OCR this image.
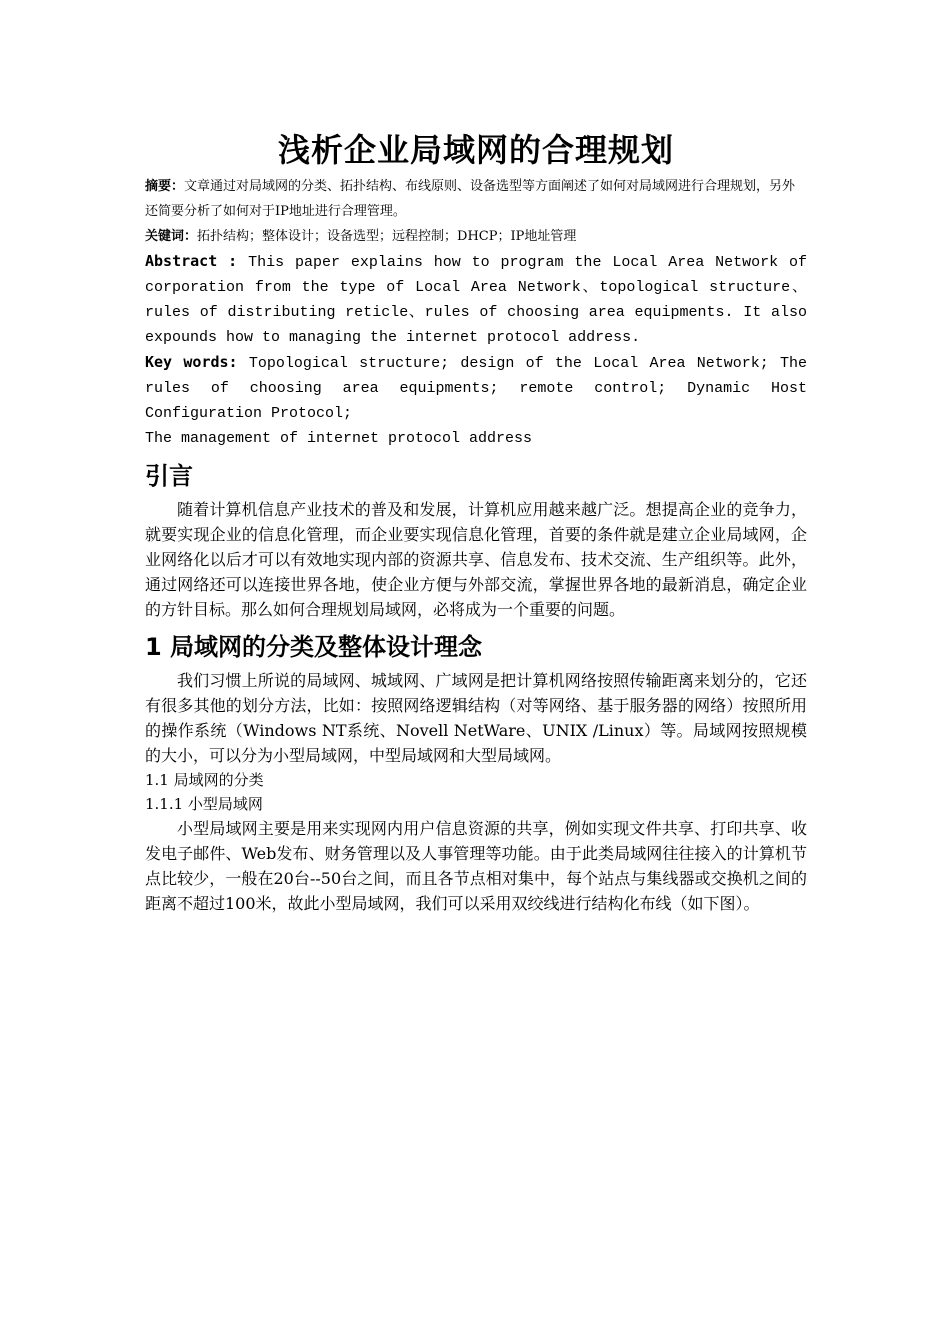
浅析企业局域网的合理规划

摘要：文章通过对局域网的分类、拓扑结构、布线原则、设备选型等方面阐述了如何对局域网进行合理规划，另外还简要分析了如何对于IP地址进行合理管理。

关键词：拓扑结构；整体设计；设备选型；远程控制；DHCP；IP地址管理

Abstract : This paper explains how to program the Local Area Network of corporation from the type of Local Area Network、topological structure、rules of distributing reticle、rules of choosing area equipments. It also expounds how to managing the internet protocol address.

Key words: Topological structure; design of the Local Area Network; The rules of choosing area equipments; remote control; Dynamic Host Configuration Protocol;

The management of internet protocol address

引言

随着计算机信息产业技术的普及和发展，计算机应用越来越广泛。想提高企业的竞争力，就要实现企业的信息化管理，而企业要实现信息化管理，首要的条件就是建立企业局域网，企业网络化以后才可以有效地实现内部的资源共享、信息发布、技术交流、生产组织等。此外，通过网络还可以连接世界各地，使企业方便与外部交流，掌握世界各地的最新消息，确定企业的方针目标。那么如何合理规划局域网，必将成为一个重要的问题。

1 局域网的分类及整体设计理念

我们习惯上所说的局域网、城域网、广域网是把计算机网络按照传输距离来划分的，它还有很多其他的划分方法，比如：按照网络逻辑结构（对等网络、基于服务器的网络）按照所用的操作系统（Windows NT系统、Novell NetWare、UNIX /Linux）等。局域网按照规模的大小，可以分为小型局域网，中型局域网和大型局域网。

1.1 局域网的分类

1.1.1 小型局域网

小型局域网主要是用来实现网内用户信息资源的共享，例如实现文件共享、打印共享、收发电子邮件、Web发布、财务管理以及人事管理等功能。由于此类局域网往往接入的计算机节点比较少，一般在20台--50台之间，而且各节点相对集中，每个站点与集线器或交换机之间的距离不超过100米，故此小型局域网，我们可以采用双绞线进行结构化布线（如下图）。
